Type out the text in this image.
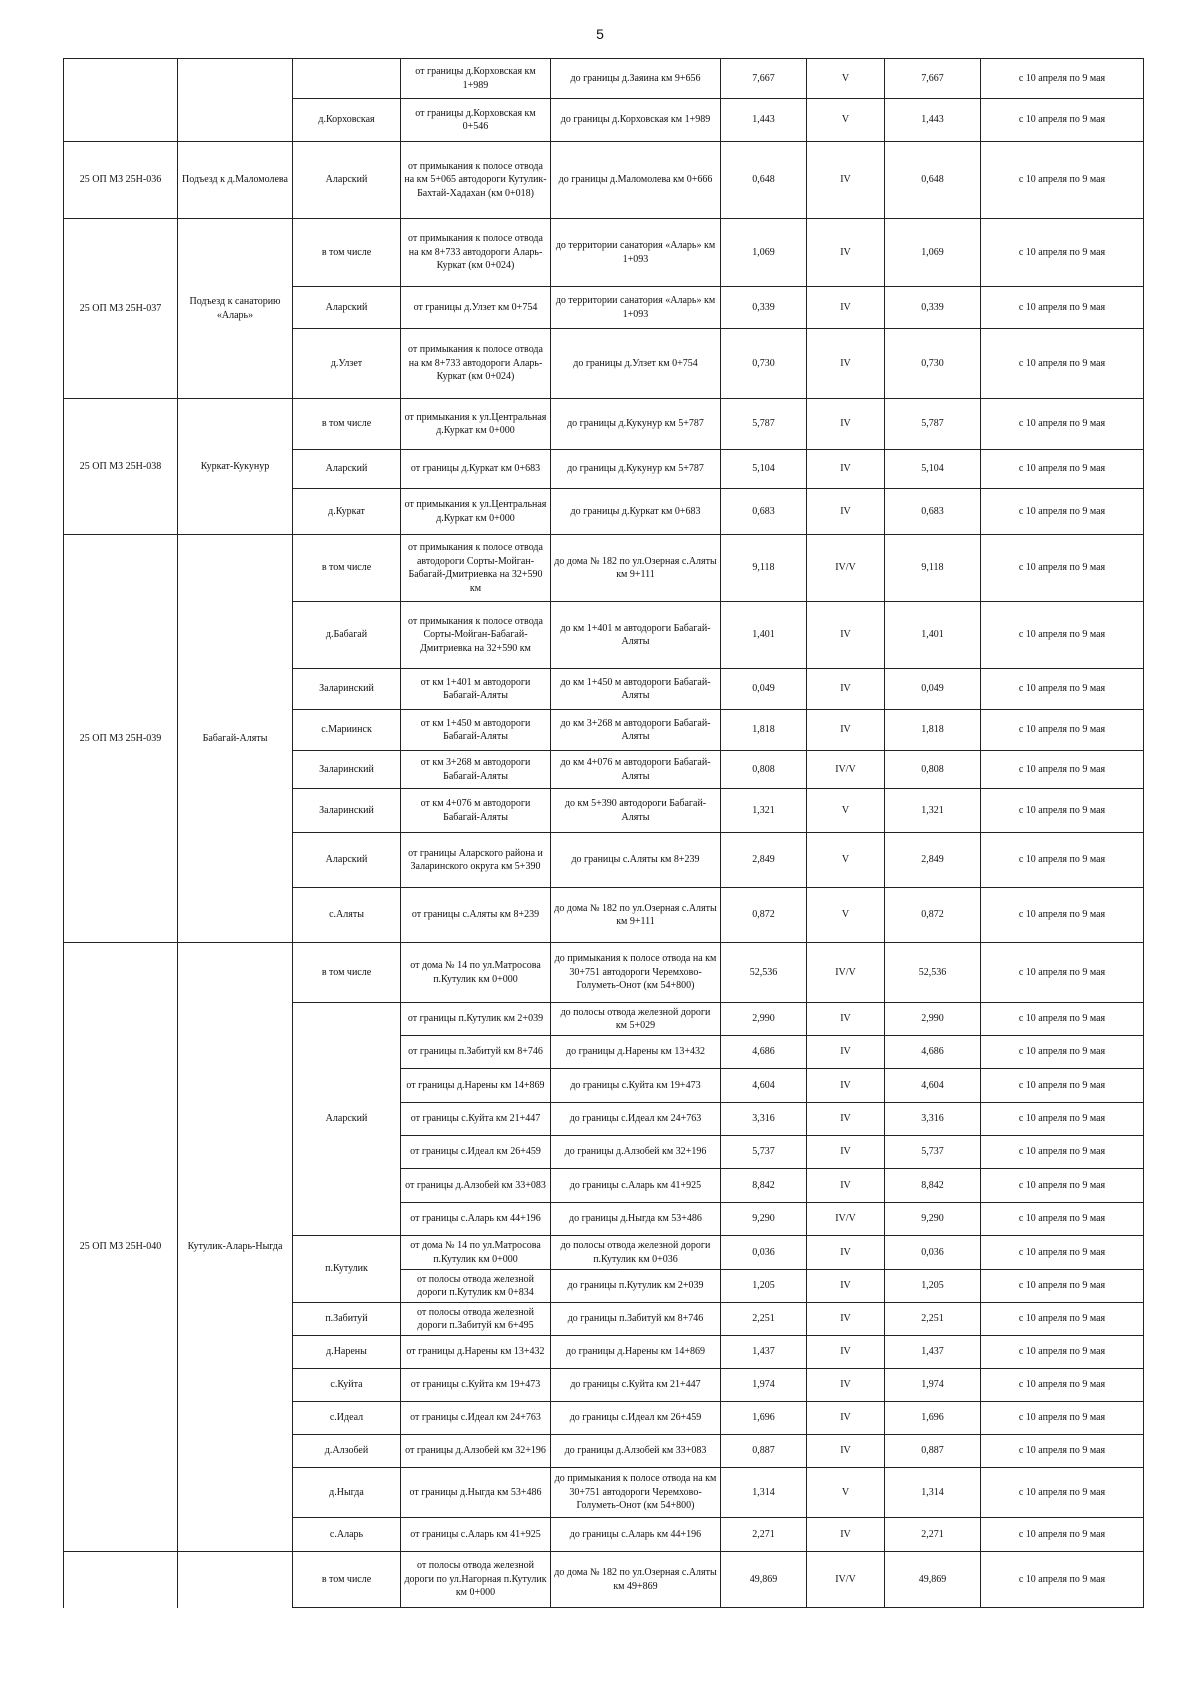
5
			от границы д.Корховская км 1+989	до границы д.Заяина км 9+656	7,667	V	7,667	с 10 апреля по 9 мая
		д.Корховская	от границы д.Корховская км 0+546	до границы д.Корховская км 1+989	1,443	V	1,443	с 10 апреля по 9 мая
25 ОП МЗ 25Н-036	Подъезд к д.Маломолева	Аларский	от примыкания к полосе отвода на км 5+065 автодороги Кутулик-Бахтай-Хадахан (км 0+018)	до границы д.Маломолева км 0+666	0,648	IV	0,648	с 10 апреля по 9 мая
25 ОП МЗ 25Н-037	Подъезд к санаторию «Аларь»	в том числе	от примыкания к полосе отвода на км 8+733 автодороги Аларь-Куркат (км 0+024)	до территории санатория «Аларь» км 1+093	1,069	IV	1,069	с 10 апреля по 9 мая
		Аларский	от границы д.Улзет км 0+754	до территории санатория «Аларь» км 1+093	0,339	IV	0,339	с 10 апреля по 9 мая
		д.Улзет	от примыкания к полосе отвода на км 8+733 автодороги Аларь-Куркат (км 0+024)	до границы д.Улзет км 0+754	0,730	IV	0,730	с 10 апреля по 9 мая
25 ОП МЗ 25Н-038	Куркат-Кукунур	в том числе	от примыкания к ул.Центральная д.Куркат км 0+000	до границы д.Кукунур км 5+787	5,787	IV	5,787	с 10 апреля по 9 мая
		Аларский	от границы д.Куркат км 0+683	до границы д.Кукунур км 5+787	5,104	IV	5,104	с 10 апреля по 9 мая
		д.Куркат	от примыкания к ул.Центральная д.Куркат км 0+000	до границы д.Куркат км 0+683	0,683	IV	0,683	с 10 апреля по 9 мая
25 ОП МЗ 25Н-039	Бабагай-Аляты	в том числе	от примыкания к полосе отвода автодороги Сорты-Мойган-Бабагай-Дмитриевка на 32+590 км	до дома № 182 по ул.Озерная с.Аляты км 9+111	9,118	IV/V	9,118	с 10 апреля по 9 мая
		д.Бабагай	от примыкания к полосе отвода Сорты-Мойган-Бабагай-Дмитриевка на 32+590 км	до км 1+401 м автодороги Бабагай-Аляты	1,401	IV	1,401	с 10 апреля по 9 мая
		Заларинский	от км 1+401 м автодороги Бабагай-Аляты	до км 1+450 м автодороги Бабагай-Аляты	0,049	IV	0,049	с 10 апреля по 9 мая
		с.Мариинск	от км 1+450 м автодороги Бабагай-Аляты	до км 3+268 м автодороги Бабагай-Аляты	1,818	IV	1,818	с 10 апреля по 9 мая
		Заларинский	от км 3+268 м автодороги Бабагай-Аляты	до км 4+076 м автодороги Бабагай-Аляты	0,808	IV/V	0,808	с 10 апреля по 9 мая
		Заларинский	от км 4+076 м автодороги Бабагай-Аляты	до км 5+390 автодороги Бабагай-Аляты	1,321	V	1,321	с 10 апреля по 9 мая
		Аларский	от границы Аларского района и Заларинского округа км 5+390	до границы с.Аляты км 8+239	2,849	V	2,849	с 10 апреля по 9 мая
		с.Аляты	от границы с.Аляты км 8+239	до дома № 182 по ул.Озерная с.Аляты км 9+111	0,872	V	0,872	с 10 апреля по 9 мая
25 ОП МЗ 25Н-040	Кутулик-Аларь-Ныгда	в том числе	от дома № 14 по ул.Матросова п.Кутулик км 0+000	до примыкания к полосе отвода на км 30+751 автодороги Черемхово-Голуметь-Онот (км 54+800)	52,536	IV/V	52,536	с 10 апреля по 9 мая
		Аларский	от границы п.Кутулик км 2+039	до полосы отвода железной дороги км 5+029	2,990	IV	2,990	с 10 апреля по 9 мая
			от границы п.Забитуй км 8+746	до границы д.Нарены км 13+432	4,686	IV	4,686	с 10 апреля по 9 мая
			от границы д.Нарены км 14+869	до границы с.Куйта км 19+473	4,604	IV	4,604	с 10 апреля по 9 мая
			от границы с.Куйта км 21+447	до границы с.Идеал км 24+763	3,316	IV	3,316	с 10 апреля по 9 мая
			от границы с.Идеал км 26+459	до границы д.Алзобей км 32+196	5,737	IV	5,737	с 10 апреля по 9 мая
			от границы д.Алзобей км 33+083	до границы с.Аларь км 41+925	8,842	IV	8,842	с 10 апреля по 9 мая
			от границы с.Аларь км 44+196	до границы д.Ныгда км 53+486	9,290	IV/V	9,290	с 10 апреля по 9 мая
		п.Кутулик	от дома № 14 по ул.Матросова п.Кутулик км 0+000	до полосы отвода железной дороги п.Кутулик км 0+036	0,036	IV	0,036	с 10 апреля по 9 мая
			от полосы отвода железной дороги п.Кутулик км 0+834	до границы п.Кутулик км 2+039	1,205	IV	1,205	с 10 апреля по 9 мая
		п.Забитуй	от полосы отвода железной дороги п.Забитуй км 6+495	до границы п.Забитуй км 8+746	2,251	IV	2,251	с 10 апреля по 9 мая
		д.Нарены	от границы д.Нарены км 13+432	до границы д.Нарены км 14+869	1,437	IV	1,437	с 10 апреля по 9 мая
		с.Куйта	от границы с.Куйта км 19+473	до границы с.Куйта км 21+447	1,974	IV	1,974	с 10 апреля по 9 мая
		с.Идеал	от границы с.Идеал км 24+763	до границы с.Идеал км 26+459	1,696	IV	1,696	с 10 апреля по 9 мая
		д.Алзобей	от границы д.Алзобей км 32+196	до границы д.Алзобей км 33+083	0,887	IV	0,887	с 10 апреля по 9 мая
		д.Ныгда	от границы д.Ныгда км 53+486	до примыкания к полосе отвода на км 30+751 автодороги Черемхово-Голуметь-Онот (км 54+800)	1,314	V	1,314	с 10 апреля по 9 мая
		с.Аларь	от границы с.Аларь км 41+925	до границы с.Аларь км 44+196	2,271	IV	2,271	с 10 апреля по 9 мая
		в том числе	от полосы отвода железной дороги по ул.Нагорная п.Кутулик км 0+000	до дома № 182 по ул.Озерная с.Аляты км 49+869	49,869	IV/V	49,869	с 10 апреля по 9 мая
